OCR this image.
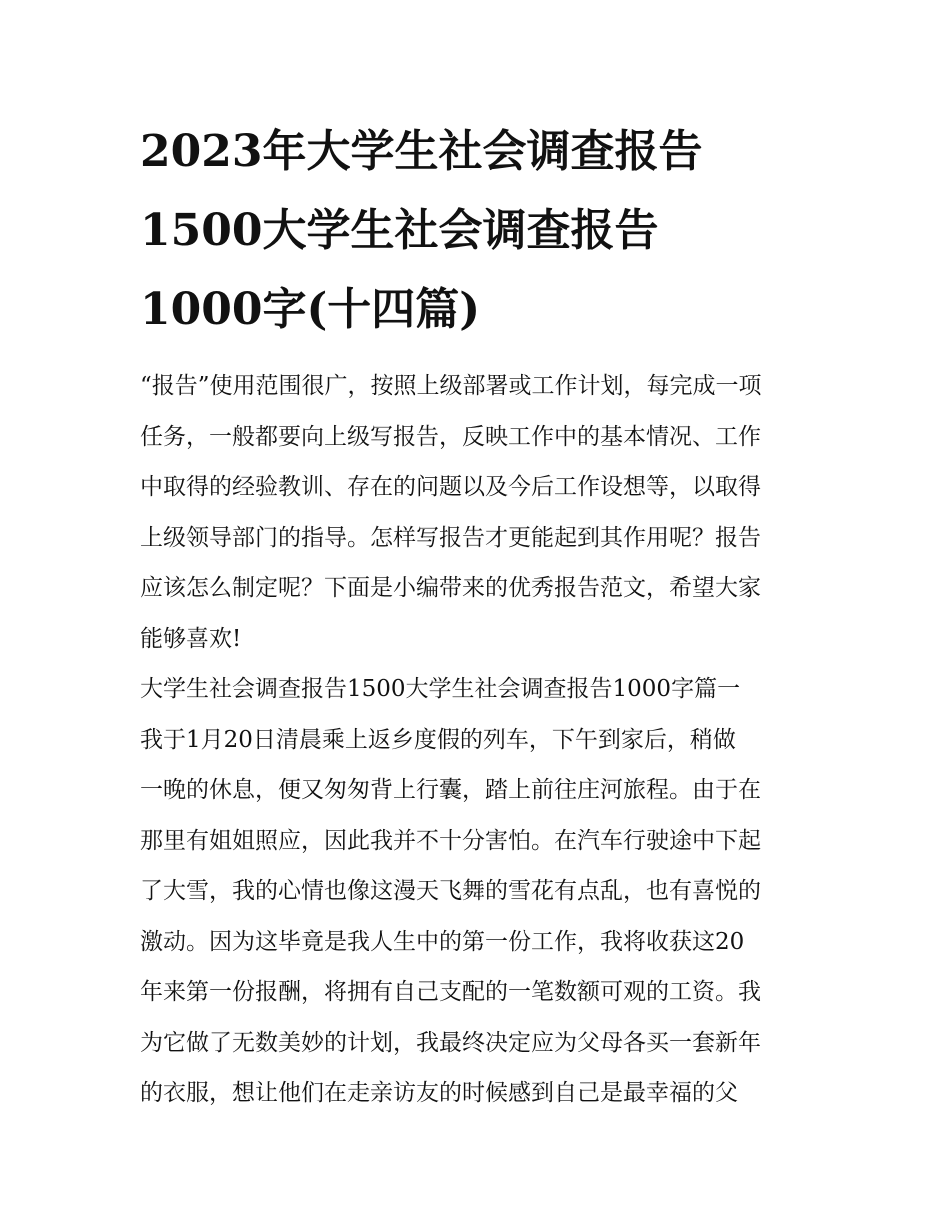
2023年大学生社会调查报告
1500大学生社会调查报告
1000字(十四篇)
“报告”使用范围很广，按照上级部署或工作计划，每完成一项
任务，一般都要向上级写报告，反映工作中的基本情况、工作
中取得的经验教训、存在的问题以及今后工作设想等，以取得
上级领导部门的指导。怎样写报告才更能起到其作用呢？报告
应该怎么制定呢？下面是小编带来的优秀报告范文，希望大家
能够喜欢!
大学生社会调查报告1500大学生社会调查报告1000字篇一
我于1月20日清晨乘上返乡度假的列车，下午到家后，稍做
一晚的休息，便又匆匆背上行囊，踏上前往庄河旅程。由于在
那里有姐姐照应，因此我并不十分害怕。在汽车行驶途中下起
了大雪，我的心情也像这漫天飞舞的雪花有点乱，也有喜悦的
激动。因为这毕竟是我人生中的第一份工作，我将收获这20
年来第一份报酬，将拥有自己支配的一笔数额可观的工资。我
为它做了无数美妙的计划，我最终决定应为父母各买一套新年
的衣服，想让他们在走亲访友的时候感到自己是最幸福的父
